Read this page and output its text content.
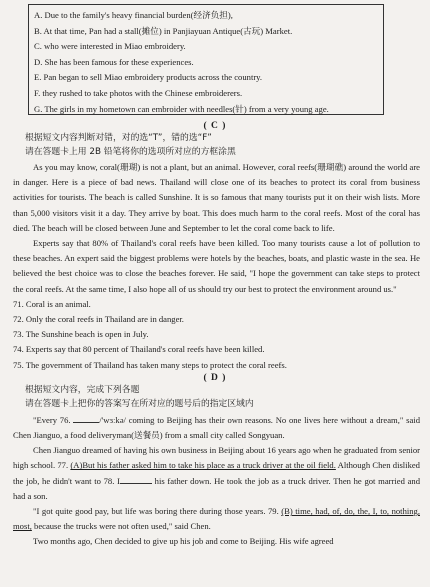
A. Due to the family's heavy financial burden(经济负担),
B. At that time, Pan had a stall(摊位) in Panjiayuan Antique(古玩) Market.
C. who were interested in Miao embroidery.
D. She has been famous for these experiences.
E. Pan began to sell Miao embroidery products across the country.
F. they rushed to take photos with the Chinese embroiderers.
G. The girls in my hometown can embroider with needles(针) from a very young age.
( C )
根据短文内容判断对错，对的选“T”，错的选“F”
请在答题卡上用 2B 铅笔将你的选项所对应的方框涂黑
As you may know, coral(珊瑚) is not a plant, but an animal. However, coral reefs(珊瑚礁) around the world are in danger. Here is a piece of bad news. Thailand will close one of its beaches to protect its coral from business activities for tourists. The beach is called Sunshine. It is so famous that many tourists put it on their wish lists. More than 5,000 visitors visit it a day. They arrive by boat. This does much harm to the coral reefs. Most of the coral has died. The beach will be closed between June and September to let the coral come back to life.
Experts say that 80% of Thailand's coral reefs have been killed. Too many tourists cause a lot of pollution to these beaches. An expert said the biggest problems were hotels by the beaches, boats, and plastic waste in the sea. He believed the best choice was to close the beaches forever. He said, "I hope the government can take steps to protect the coral reefs. At the same time, I also hope all of us should try our best to protect the environment around us."
71. Coral is an animal.
72. Only the coral reefs in Thailand are in danger.
73. The Sunshine beach is open in July.
74. Experts say that 80 percent of Thailand's coral reefs have been killed.
75. The government of Thailand has taken many steps to protect the coral reefs.
( D )
根据短文内容，完成下列各题
请在答题卡上把你的答案写在所对应的题号后的指定区域内
"Every 76.	/'wɜːkə/ coming to Beijing has their own reasons. No one lives here without a dream," said Chen Jianguo, a food deliveryman(送餐员) from a small city called Songyuan.
Chen Jianguo dreamed of having his own business in Beijing about 16 years ago when he graduated from senior high school. 77. (A)But his father asked him to take his place as a truck driver at the oil field. Although Chen disliked the job, he didn't want to 78. I	his father down. He took the job as a truck driver. Then he got married and had a son.
"I got quite good pay, but life was boring there during those years. 79. (B) time, had, of, do, the, I, to, nothing, most, because the trucks were not often used," said Chen.
Two months ago, Chen decided to give up his job and come to Beijing. His wife agreed
